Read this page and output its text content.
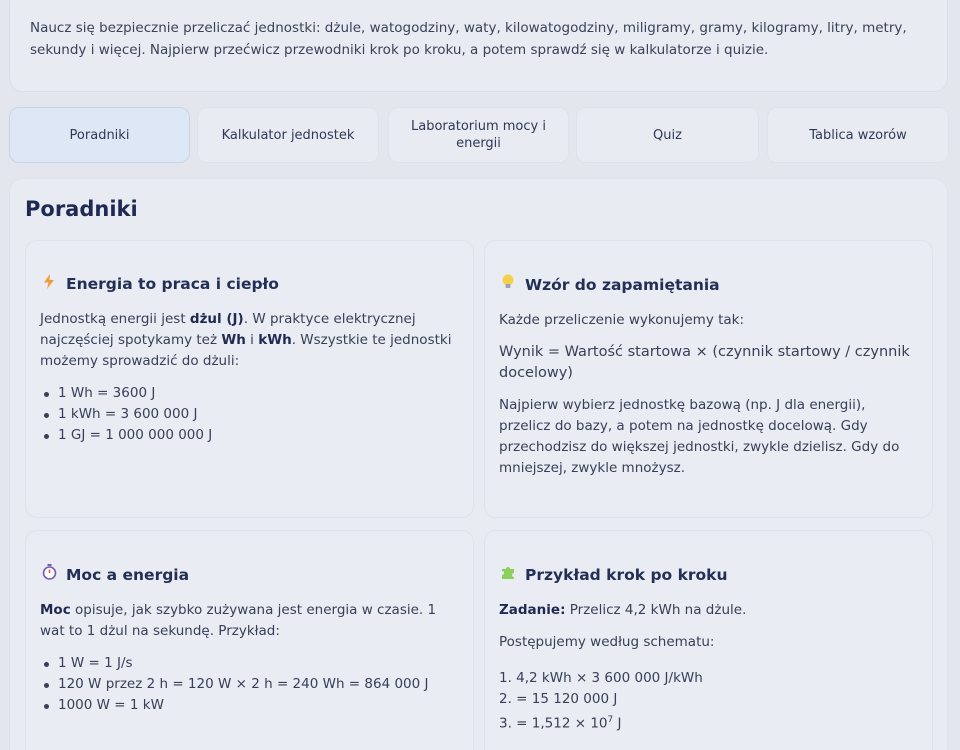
Naucz się bezpiecznie przeliczać jednostki: dżule, watogodziny, waty, kilowatogodziny, miligramy, gramy, kilogramy, litry, metry, sekundy i więcej. Najpierw przećwicz przewodniki krok po kroku, a potem sprawdź się w kalkulatorze i quizie.
Poradniki	Kalkulator jednostek
Laboratorium mocy i energii
Quiz	Tablica wzorów
Poradniki
Energia to praca i ciepło

Jednostką energii jest dżul (J). W praktyce elektrycznej najczęściej spotykamy też Wh i kWh. Wszystkie te jednostki możemy sprowadzić do dżuli:

1 Wh = 3600 J
1 kWh = 3 600 000 J
1 GJ = 1 000 000 000 J
Wzór do zapamiętania

Każde przeliczenie wykonujemy tak:

Wynik = Wartość startowa × (czynnik startowy / czynnik docelowy)

Najpierw wybierz jednostkę bazową (np. J dla energii), przelicz do bazy, a potem na jednostkę docelową. Gdy przechodzisz do większej jednostki, zwykle dzielisz. Gdy do mniejszej, zwykle mnożysz.

Moc a energia

Moc opisuje, jak szybko zużywana jest energia w czasie. 1 wat to 1 dżul na sekundę. Przykład:

1 W = 1 J/s
120 W przez 2 h = 120 W × 2 h = 240 Wh = 864 000 J
1000 W = 1 kW
Przykład krok po kroku

Zadanie: Przelicz 4,2 kWh na dżule.

Postępujemy według schematu:

1. 4,2 kWh × 3 600 000 J/kWh
2. = 15 120 000 J
3. = $1,512 \times 10^7$ J
